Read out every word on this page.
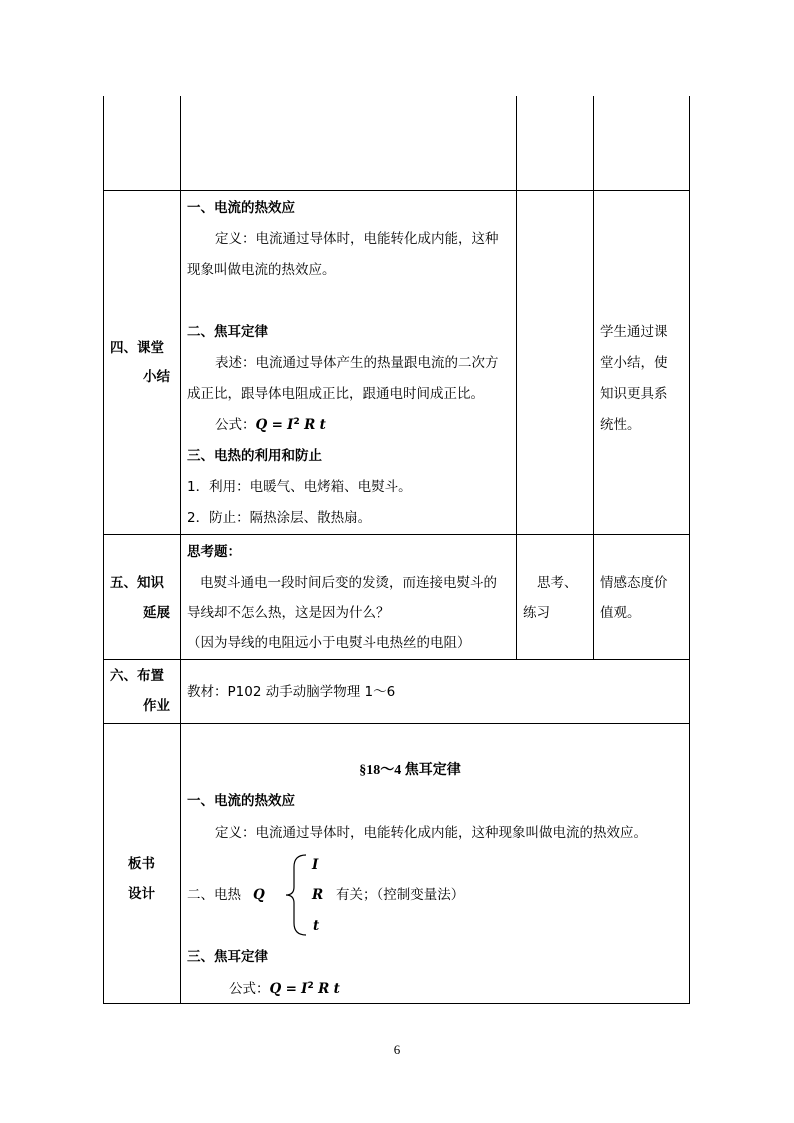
四、课堂
小结
一、电流的热效应
定义：电流通过导体时，电能转化成内能，这种
现象叫做电流的热效应。
二、焦耳定律
表述：电流通过导体产生的热量跟电流的二次方
成正比，跟导体电阻成正比，跟通电时间成正比。
公式：$Q = I^2$ R t
三、电热的利用和防止
1．利用：电暖气、电烤箱、电熨斗。
2．防止：隔热涂层、散热扇。
学生通过课
堂小结，使
知识更具系
统性。
五、知识
延展
思考题：
电熨斗通电一段时间后变的发烫，而连接电熨斗的
导线却不怎么热，这是因为什么？
（因为导线的电阻远小于电熨斗电热丝的电阻）
思考、
练习
情感态度价
值观。
六、布置
作业
教材：P102 动手动脑学物理 1～6
板书
设计
§18～4 焦耳定律
一、电流的热效应
定义：电流通过导体时，电能转化成内能，这种现象叫做电流的热效应。
二、电热 Q
I
R 有关；（控制变量法）
t
三、焦耳定律
公式：$Q = I^2$ R t
6
